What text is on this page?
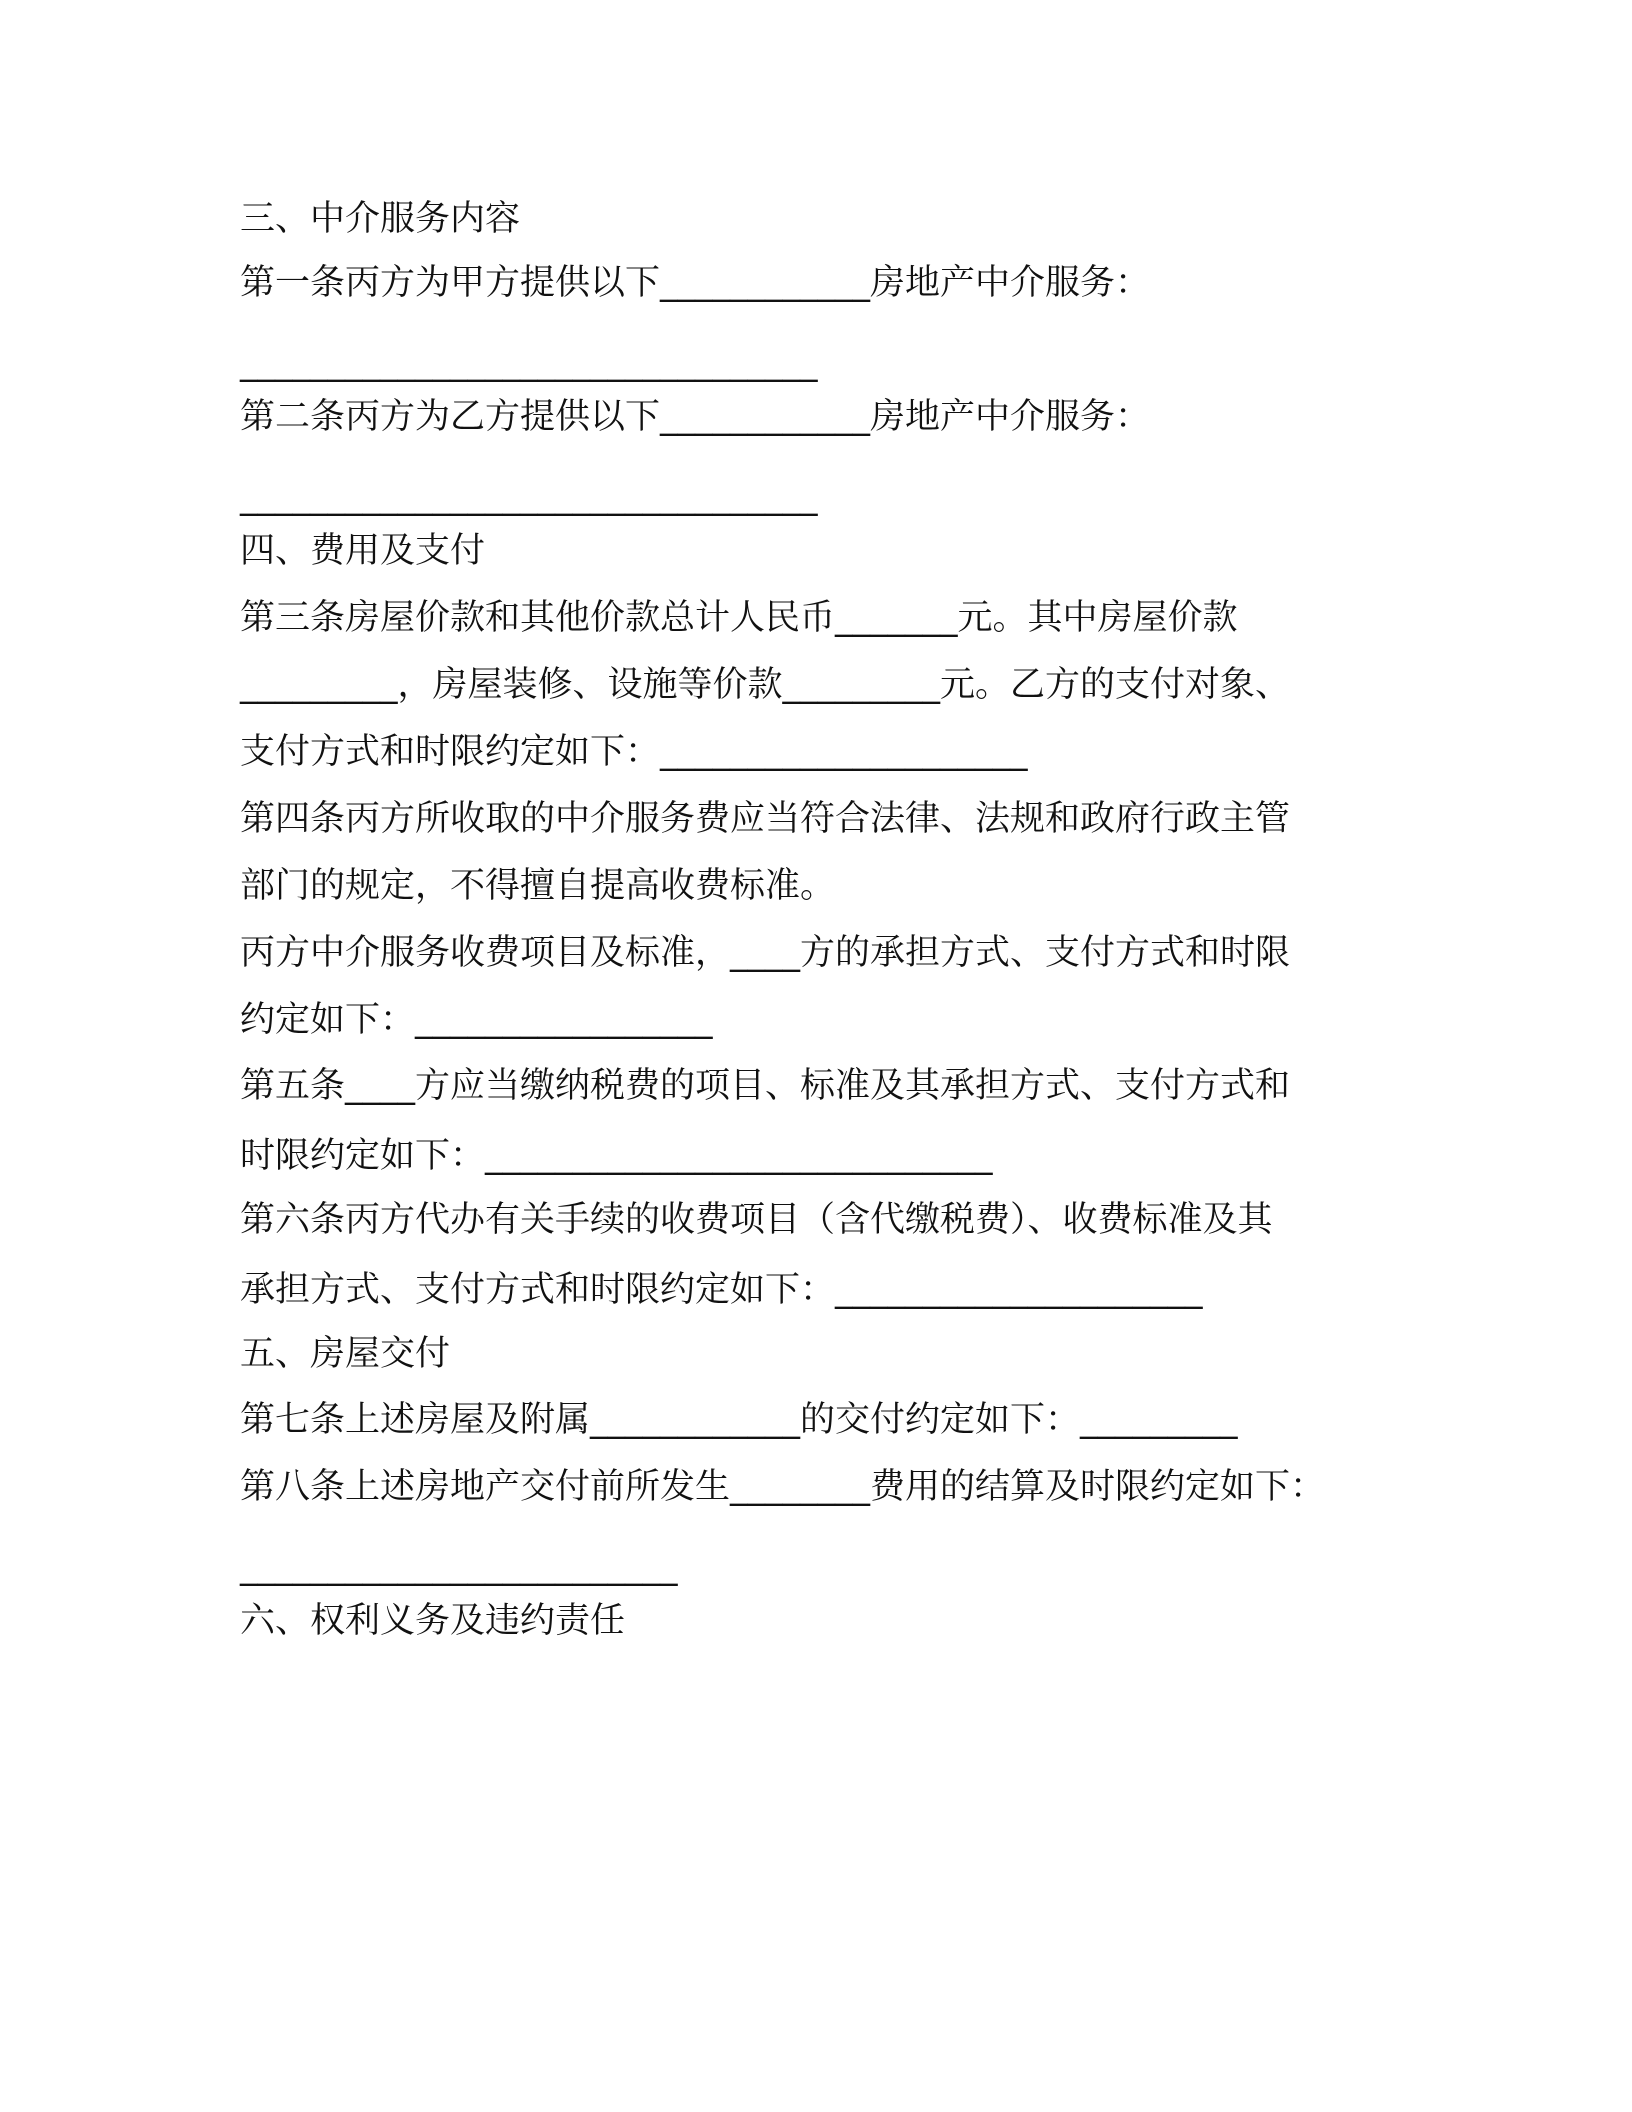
三、中介服务内容

第一条丙方为甲方提供以下____________房地产中介服务：

_________________________________

第二条丙方为乙方提供以下____________房地产中介服务：

_________________________________

四、费用及支付

第三条房屋价款和其他价款总计人民币_______元。其中房屋价款

_________，房屋装修、设施等价款_________元。乙方的支付对象、

支付方式和时限约定如下：_____________________

第四条丙方所收取的中介服务费应当符合法律、法规和政府行政主管

部门的规定，不得擅自提高收费标准。

丙方中介服务收费项目及标准，____方的承担方式、支付方式和时限

约定如下：_________________

第五条____方应当缴纳税费的项目、标准及其承担方式、支付方式和

时限约定如下：_____________________________

第六条丙方代办有关手续的收费项目（含代缴税费）、收费标准及其

承担方式、支付方式和时限约定如下：_____________________

五、房屋交付

第七条上述房屋及附属____________的交付约定如下：_________

第八条上述房地产交付前所发生________费用的结算及时限约定如下：

_________________________

六、权利义务及违约责任
